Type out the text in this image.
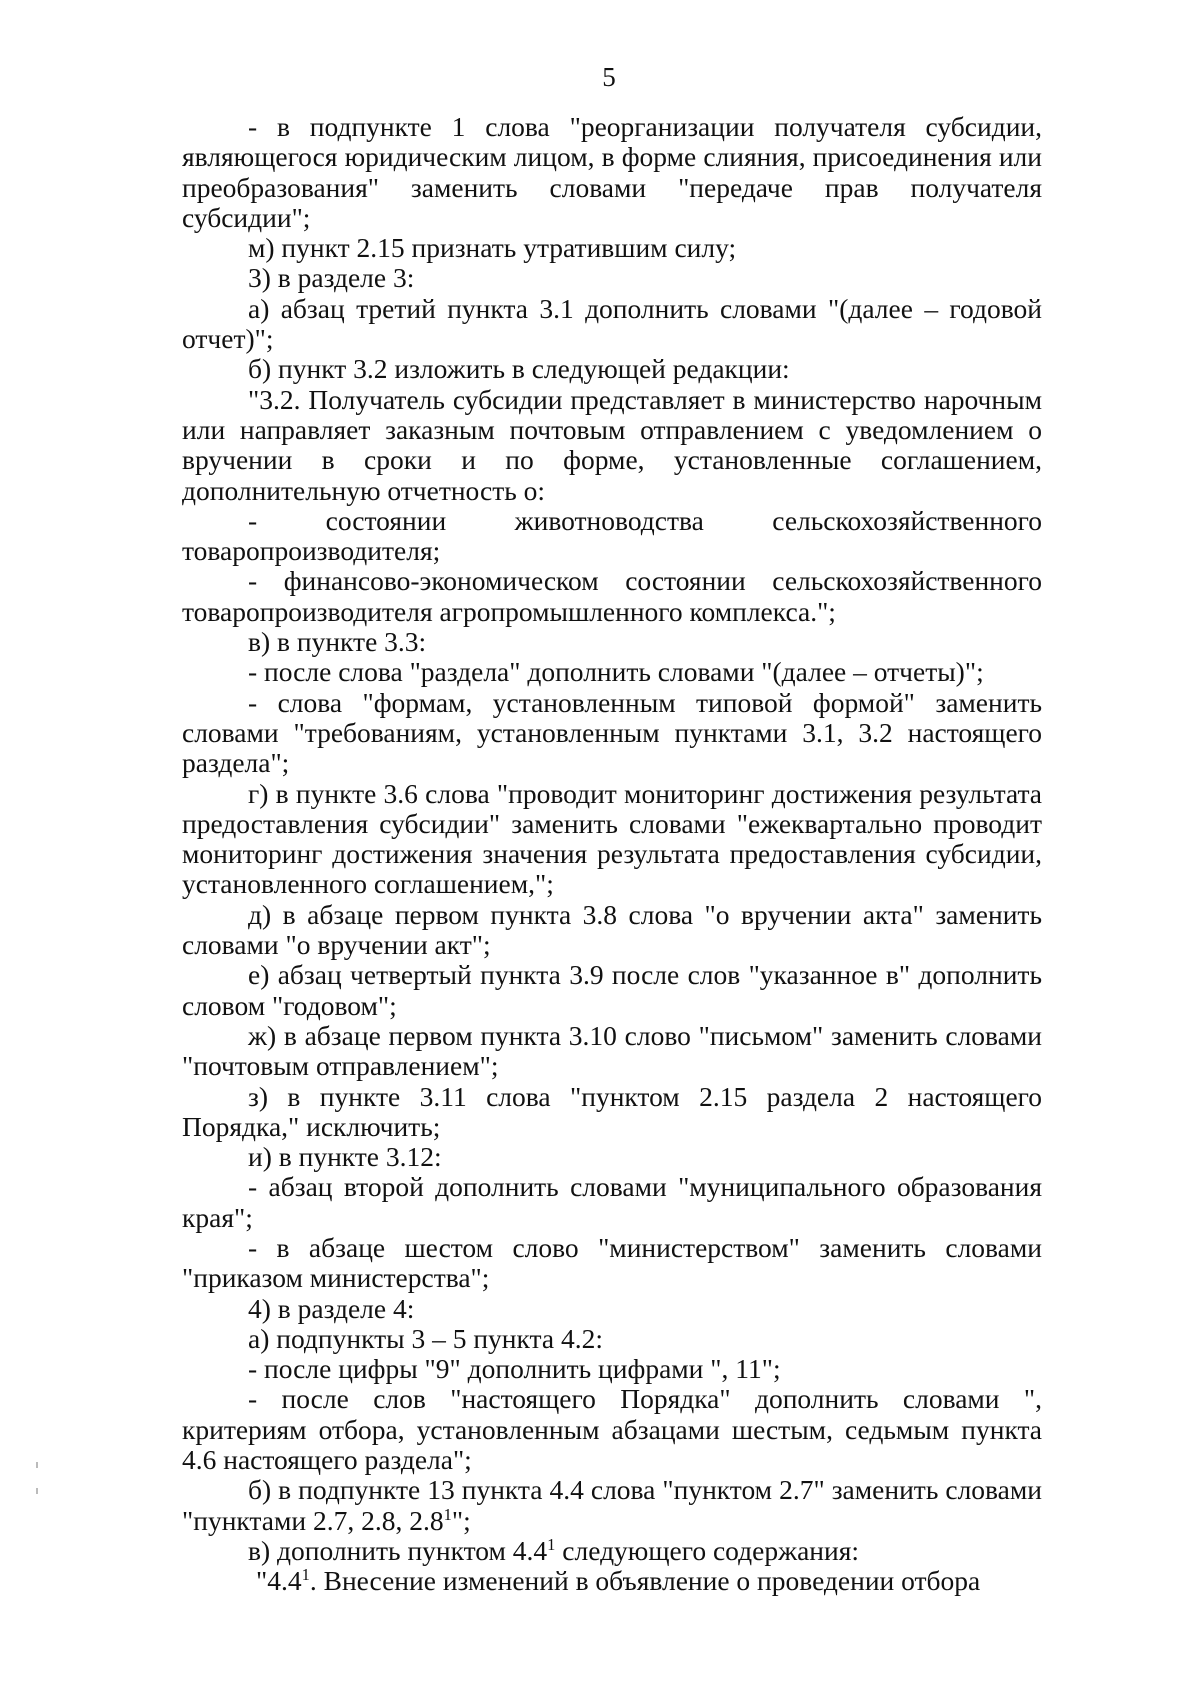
5

- в подпункте 1 слова "реорганизации получателя субсидии, являющегося юридическим лицом, в форме слияния, присоединения или преобразования" заменить словами "передаче прав получателя субсидии";

м) пункт 2.15 признать утратившим силу;

3) в разделе 3:

а) абзац третий пункта 3.1 дополнить словами "(далее – годовой отчет)";

б) пункт 3.2 изложить в следующей редакции:

"3.2. Получатель субсидии представляет в министерство нарочным или направляет заказным почтовым отправлением с уведомлением о вручении в сроки и по форме, установленные соглашением, дополнительную отчетность о:

- состоянии животноводства сельскохозяйственного товаропроизводителя;

- финансово-экономическом состоянии сельскохозяйственного товаропроизводителя агропромышленного комплекса.";

в) в пункте 3.3:

- после слова "раздела" дополнить словами "(далее – отчеты)";

- слова "формам, установленным типовой формой" заменить словами "требованиям, установленным пунктами 3.1, 3.2 настоящего раздела";

г) в пункте 3.6 слова "проводит мониторинг достижения результата предоставления субсидии" заменить словами "ежеквартально проводит мониторинг достижения значения результата предоставления субсидии, установленного соглашением,";

д) в абзаце первом пункта 3.8 слова "о вручении акта" заменить словами "о вручении акт";

е) абзац четвертый пункта 3.9 после слов "указанное в" дополнить словом "годовом";

ж) в абзаце первом пункта 3.10 слово "письмом" заменить словами "почтовым отправлением";

з) в пункте 3.11 слова "пунктом 2.15 раздела 2 настоящего Порядка," исключить;

и) в пункте 3.12:

- абзац второй дополнить словами "муниципального образования края";

- в абзаце шестом слово "министерством" заменить словами "приказом министерства";

4) в разделе 4:

а) подпункты 3 – 5 пункта 4.2:

- после цифры "9" дополнить цифрами ", 11";

- после слов "настоящего Порядка" дополнить словами ", критериям отбора, установленным абзацами шестым, седьмым пункта 4.6 настоящего раздела";

б) в подпункте 13 пункта 4.4 слова "пунктом 2.7" заменить словами "пунктами 2.7, 2.8, $2.8^1$";

в) дополнить пунктом $4.4^1$ следующего содержания:

"$4.4^1$. Внесение изменений в объявление о проведении отбора
